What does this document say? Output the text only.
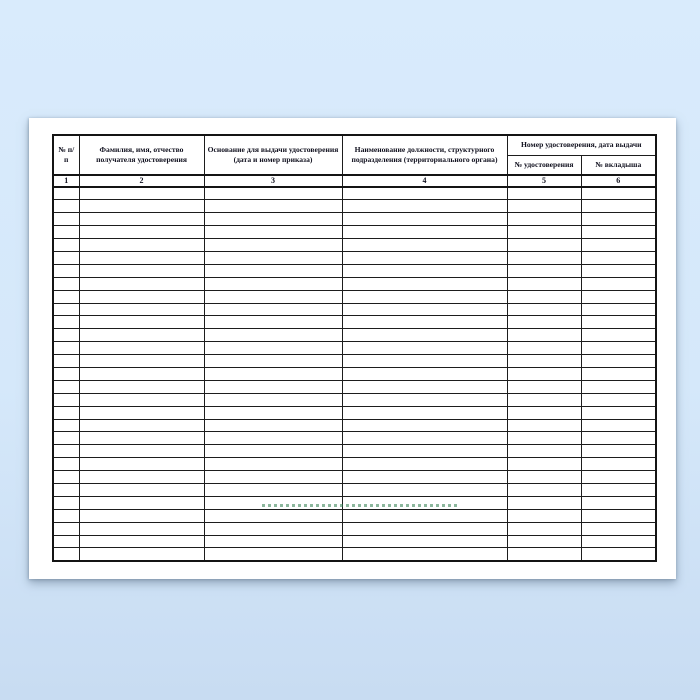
№ п/п	Фамилия, имя, отчество получателя удостоверения	Основание для выдачи удостоверения (дата и номер приказа)	Наименование должности, структурного подразделения (территориального органа)	Номер удостоверения, дата выдачи	
				№ удостоверения	№ вкладыша
1	2	3	4	5	6
